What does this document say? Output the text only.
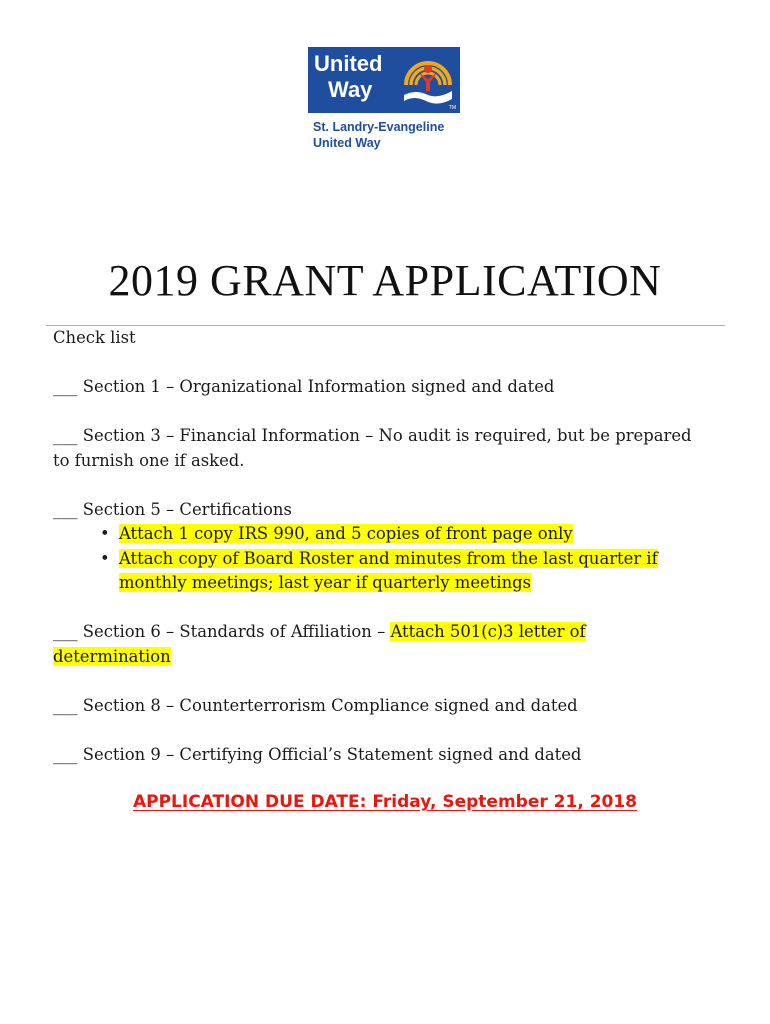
United
Way
TM
St. Landry-Evangeline
United Way
2019 GRANT APPLICATION

Check list

___ Section 1 – Organizational Information signed and dated

___ Section 3 – Financial Information – No audit is required, but be prepared

to furnish one if asked.

___ Section 5 – Certifications

• Attach 1 copy IRS 990, and 5 copies of front page only
• Attach copy of Board Roster and minutes from the last quarter if
monthly meetings; last year if quarterly meetings

___ Section 6 – Standards of Affiliation – Attach 501(c)3 letter of

determination

___ Section 8 – Counterterrorism Compliance signed and dated

___ Section 9 – Certifying Official’s Statement signed and dated

APPLICATION DUE DATE: Friday, September 21, 2018
